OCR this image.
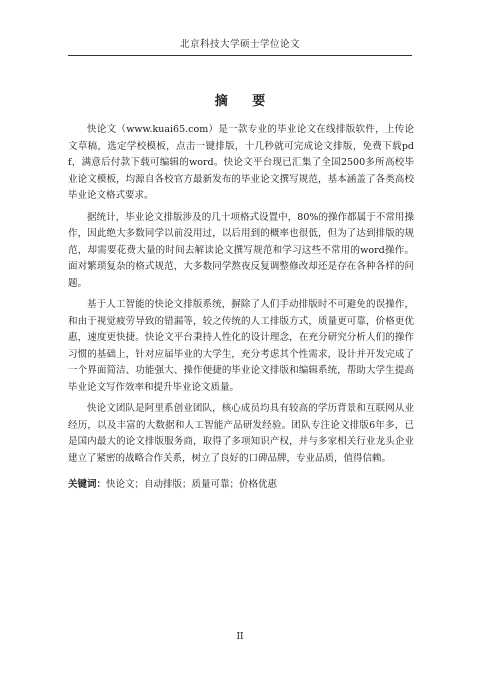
北京科技大学硕士学位论文
摘 要

快论文（www.kuai65.com）是一款专业的毕业论文在线排版软件，上传论文草稿，选定学校模板，点击一键排版，十几秒就可完成论文排版，免费下载pdf，满意后付款下载可编辑的word。快论文平台现已汇集了全国2500多所高校毕业论文模板，均源自各校官方最新发布的毕业论文撰写规范，基本涵盖了各类高校毕业论文格式要求。

据统计，毕业论文排版涉及的几十项格式设置中，80%的操作都属于不常用操作，因此绝大多数同学以前没用过，以后用到的概率也很低，但为了达到排版的规范，却需要花费大量的时间去解读论文撰写规范和学习这些不常用的word操作。面对繁琐复杂的格式规范，大多数同学熬夜反复调整修改却还是存在各种各样的问题。

基于人工智能的快论文排版系统，摒除了人们手动排版时不可避免的误操作，和由于视觉疲劳导致的错漏等，较之传统的人工排版方式，质量更可靠，价格更优惠，速度更快捷。快论文平台秉持人性化的设计理念，在充分研究分析人们的操作习惯的基础上，针对应届毕业的大学生，充分考虑其个性需求，设计并开发完成了一个界面简洁、功能强大、操作便捷的毕业论文排版和编辑系统，帮助大学生提高毕业论文写作效率和提升毕业论文质量。

快论文团队是阿里系创业团队，核心成员均具有较高的学历背景和互联网从业经历，以及丰富的大数据和人工智能产品研发经验。团队专注论文排版6年多，已是国内最大的论文排版服务商，取得了多项知识产权，并与多家相关行业龙头企业建立了紧密的战略合作关系，树立了良好的口碑品牌，专业品质，值得信赖。

关键词：快论文；自动排版；质量可靠；价格优惠

II
